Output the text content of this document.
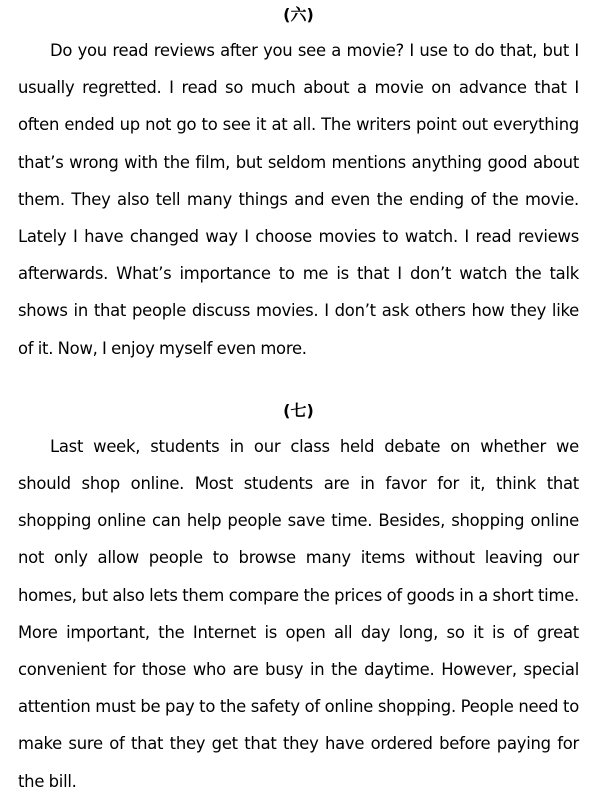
(六)

Do you read reviews after you see a movie? I use to do that, but I usually regretted. I read so much about a movie on advance that I often ended up not go to see it at all. The writers point out everything that’s wrong with the film, but seldom mentions anything good about them. They also tell many things and even the ending of the movie. Lately I have changed way I choose movies to watch. I read reviews afterwards. What’s importance to me is that I don’t watch the talk shows in that people discuss movies. I don’t ask others how they like of it. Now, I enjoy myself even more.

(七)

Last week, students in our class held debate on whether we should shop online. Most students are in favor for it, think that shopping online can help people save time. Besides, shopping online not only allow people to browse many items without leaving our homes, but also lets them compare the prices of goods in a short time. More important, the Internet is open all day long, so it is of great convenient for those who are busy in the daytime. However, special attention must be pay to the safety of online shopping. People need to make sure of that they get that they have ordered before paying for the bill.
